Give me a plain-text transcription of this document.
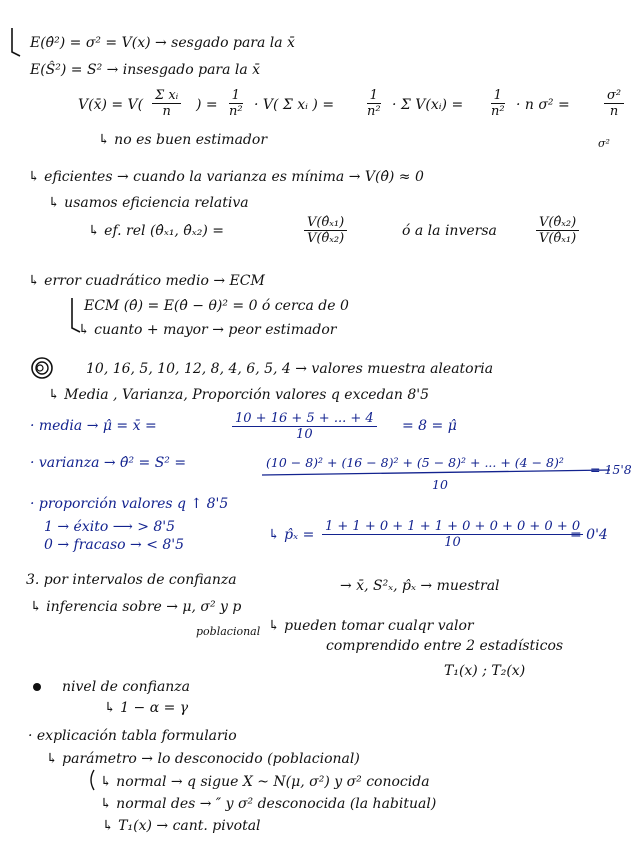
E(θ̂²) = σ² = V(x) → sesgado para la x̄
E(Ŝ²) = S² → insesgado para la x̄
V(x̄) = $V( \frac{\text{Σ xᵢ}}{n}$ ) = $\frac{1}{\text{n²}} \cdot V$( Σ xᵢ ) = $\frac{1}{\text{n²}} \cdot \Sigma$ V(xᵢ) = $\frac{1}{\text{n²}} \cdot n$ σ² =	$\frac{\text{σ²}}{n}$
σ²
↳ no es buen estimador
↳ eficientes → cuando la varianza es mínima → V(θ̂) ≈ 0
↳ usamos eficiencia relativa
↳ ef. rel (θ̂ₓ₁, θ̂ₓ₂) =	$\frac{\text{V(θ̂ₓ₁)}}{\text{V(θ̂ₓ₂)}}$	ó a la inversa	$\frac{\text{V(θ̂ₓ₂)}}{\text{V(θ̂ₓ₁)}}$
↳ error cuadrático medio → ECM
ECM (θ̂) = E(θ̂ − θ)² = 0 ó cerca de 0
↳ cuanto + mayor → peor estimador
10, 16, 5, 10, 12, 8, 4, 6, 5, 4 → valores muestra aleatoria
↳ Media , Varianza, Proporción valores q excedan 8'5
· media → μ̂ = x̄ =	$\frac{10 + 16 + 5 + ... + 4}{10} = 8$ = μ̂
· varianza → θ̂² = S² =	(10 − 8)² + (16 − 8)² + (5 − 8)² + ... + (4 − 8)²
10
= 15'8
· proporción valores q ↑ 8'5
1 → éxito ⟶ > 8'5
0 → fracaso → < 8'5
↳ p̂ₓ = $\frac{1 + 1 + 0 + 1 + 1 + 0 + 0 + 0 + 0 + 0}{10}$
= 0'4
3. por intervalos de confianza	→ x̄, S²ₓ, p̂ₓ → muestral
↳ inferencia sobre → μ, σ² y p
poblacional ↳ pueden tomar cualqr valor
comprendido entre 2 estadísticos
T₁(x) ; T₂(x)
nivel de confianza
↳ 1 − α = γ
· explicación tabla formulario
↳ parámetro → lo desconocido (poblacional)
↳ normal → q sigue X ~ N(μ, σ²) y σ² conocida
↳ normal des → ″ y σ² desconocida (la habitual)
↳ T₁(x) → cant. pivotal
